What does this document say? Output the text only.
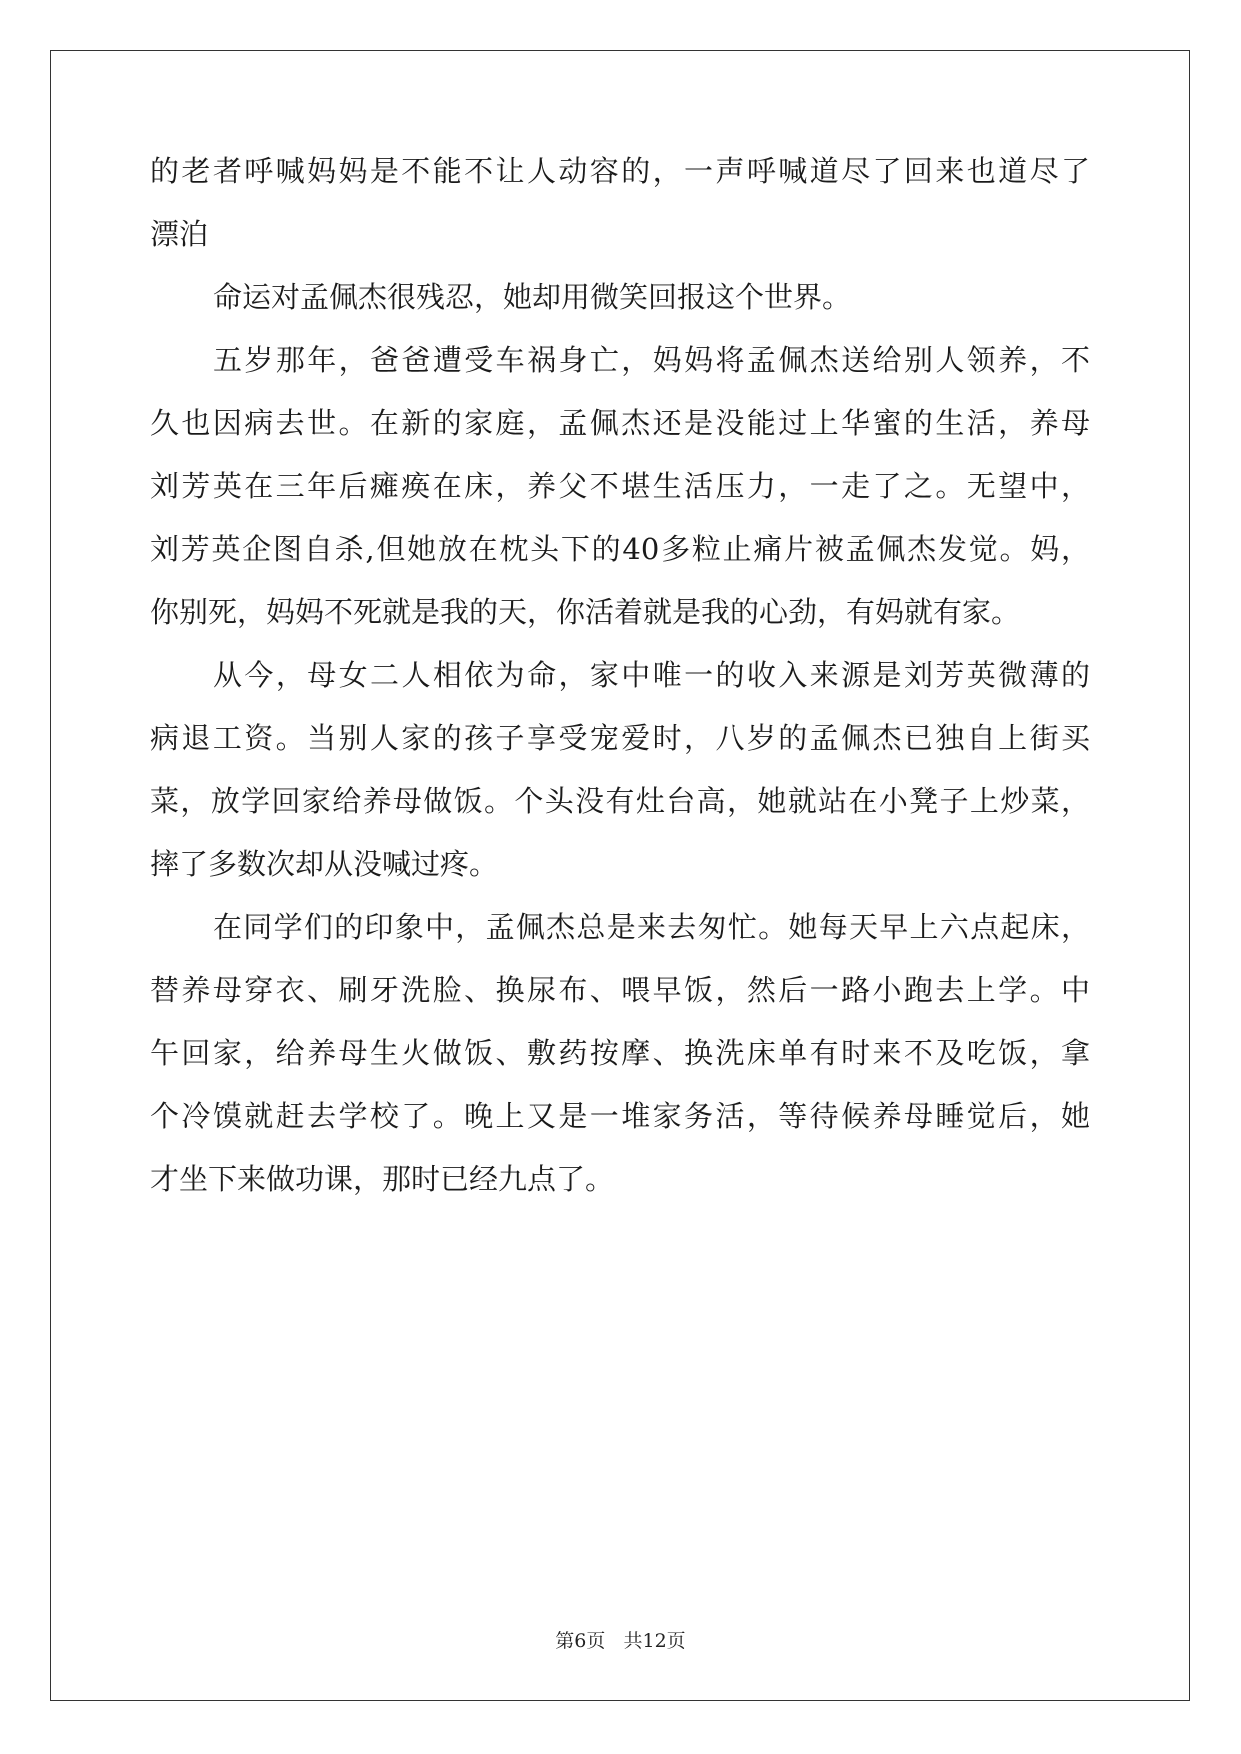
的老者呼喊妈妈是不能不让人动容的，一声呼喊道尽了回来也道尽了
漂泊
命运对孟佩杰很残忍，她却用微笑回报这个世界。
五岁那年，爸爸遭受车祸身亡，妈妈将孟佩杰送给别人领养，不
久也因病去世。在新的家庭，孟佩杰还是没能过上华蜜的生活，养母
刘芳英在三年后瘫痪在床，养父不堪生活压力，一走了之。无望中，
刘芳英企图自杀,但她放在枕头下的40多粒止痛片被孟佩杰发觉。妈，
你别死，妈妈不死就是我的天，你活着就是我的心劲，有妈就有家。
从今，母女二人相依为命，家中唯一的收入来源是刘芳英微薄的
病退工资。当别人家的孩子享受宠爱时，八岁的孟佩杰已独自上街买
菜，放学回家给养母做饭。个头没有灶台高，她就站在小凳子上炒菜，
摔了多数次却从没喊过疼。
在同学们的印象中，孟佩杰总是来去匆忙。她每天早上六点起床，
替养母穿衣、刷牙洗脸、换尿布、喂早饭，然后一路小跑去上学。中
午回家，给养母生火做饭、敷药按摩、换洗床单有时来不及吃饭，拿
个冷馍就赶去学校了。晚上又是一堆家务活，等待候养母睡觉后，她
才坐下来做功课，那时已经九点了。
第6页   共12页
